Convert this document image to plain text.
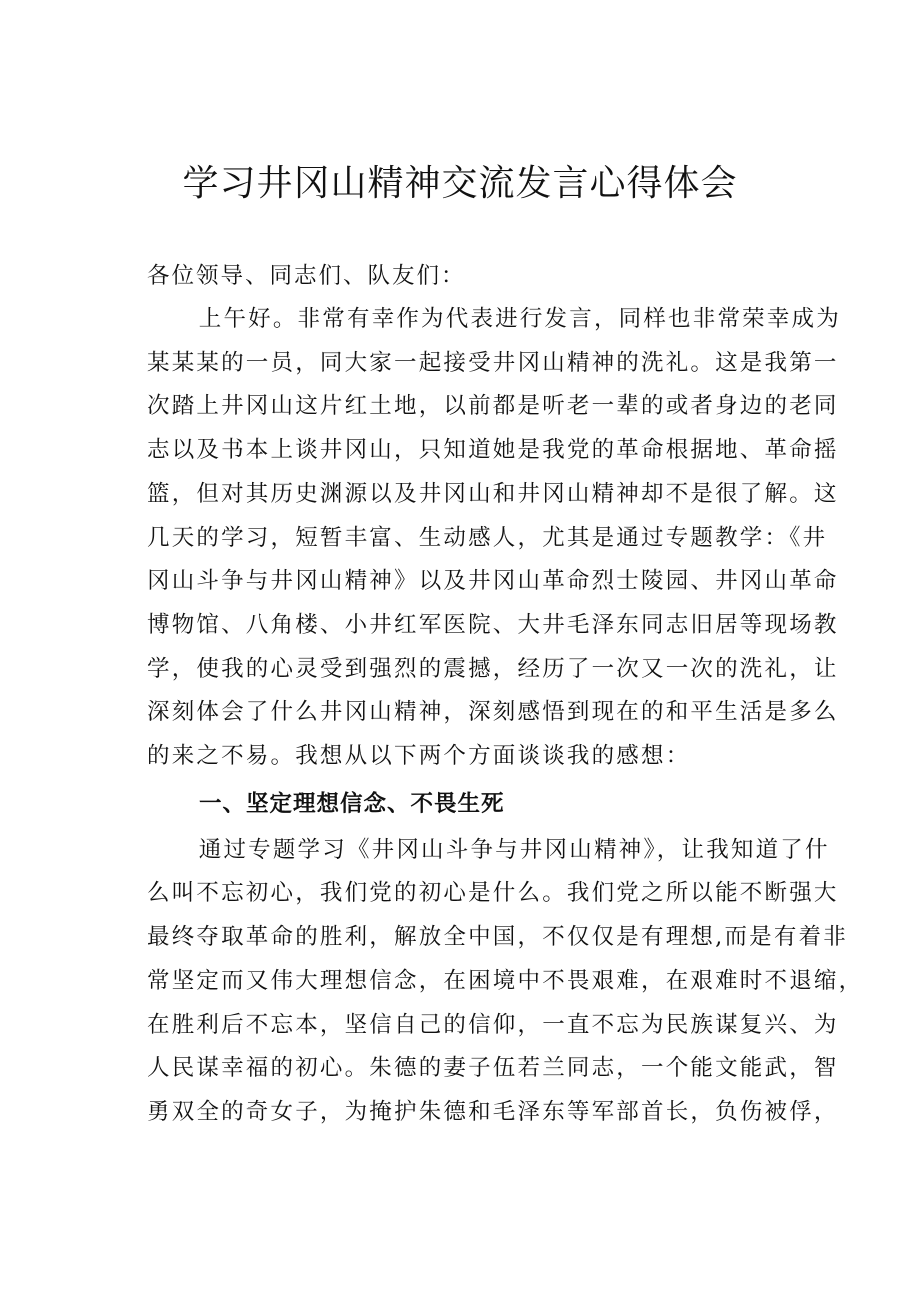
学习井冈山精神交流发言心得体会

各位领导、同志们、队友们：

上午好。非常有幸作为代表进行发言，同样也非常荣幸成为
某某某的一员，同大家一起接受井冈山精神的洗礼。这是我第一
次踏上井冈山这片红土地，以前都是听老一辈的或者身边的老同
志以及书本上谈井冈山，只知道她是我党的革命根据地、革命摇
篮，但对其历史渊源以及井冈山和井冈山精神却不是很了解。这
几天的学习，短暂丰富、生动感人，尤其是通过专题教学：《井
冈山斗争与井冈山精神》以及井冈山革命烈士陵园、井冈山革命
博物馆、八角楼、小井红军医院、大井毛泽东同志旧居等现场教
学，使我的心灵受到强烈的震撼，经历了一次又一次的洗礼，让
深刻体会了什么井冈山精神，深刻感悟到现在的和平生活是多么
的来之不易。我想从以下两个方面谈谈我的感想：

一、坚定理想信念、不畏生死

通过专题学习《井冈山斗争与井冈山精神》，让我知道了什
么叫不忘初心，我们党的初心是什么。我们党之所以能不断强大
最终夺取革命的胜利，解放全中国，不仅仅是有理想,而是有着非
常坚定而又伟大理想信念，在困境中不畏艰难，在艰难时不退缩，
在胜利后不忘本，坚信自己的信仰，一直不忘为民族谋复兴、为
人民谋幸福的初心。朱德的妻子伍若兰同志，一个能文能武，智
勇双全的奇女子，为掩护朱德和毛泽东等军部首长，负伤被俘，
